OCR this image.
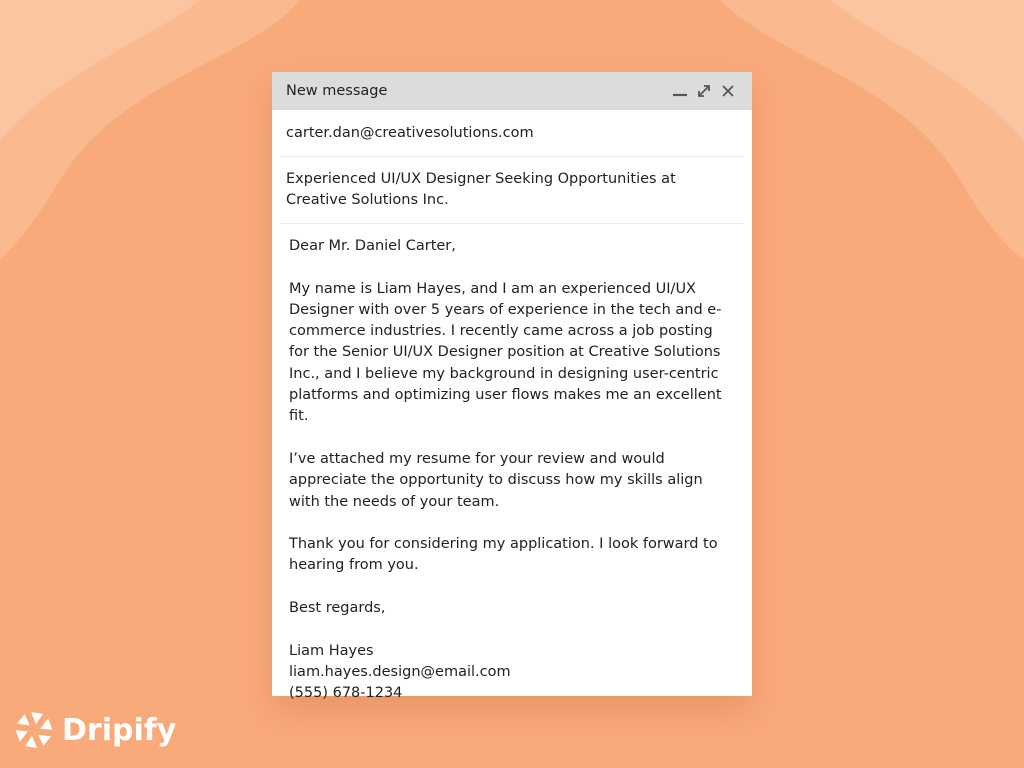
New message
carter.dan@creativesolutions.com
Experienced UI/UX Designer Seeking Opportunities at Creative Solutions Inc.

Dear Mr. Daniel Carter,

My name is Liam Hayes, and I am an experienced UI/UX Designer with over 5 years of experience in the tech and e-commerce industries. I recently came across a job posting for the Senior UI/UX Designer position at Creative Solutions Inc., and I believe my background in designing user-centric platforms and optimizing user flows makes me an excellent fit.

I’ve attached my resume for your review and would appreciate the opportunity to discuss how my skills align with the needs of your team.

Thank you for considering my application. I look forward to hearing from you.

Best regards,

Liam Hayes
liam.hayes.design@email.com
(555) 678-1234
Dripify
